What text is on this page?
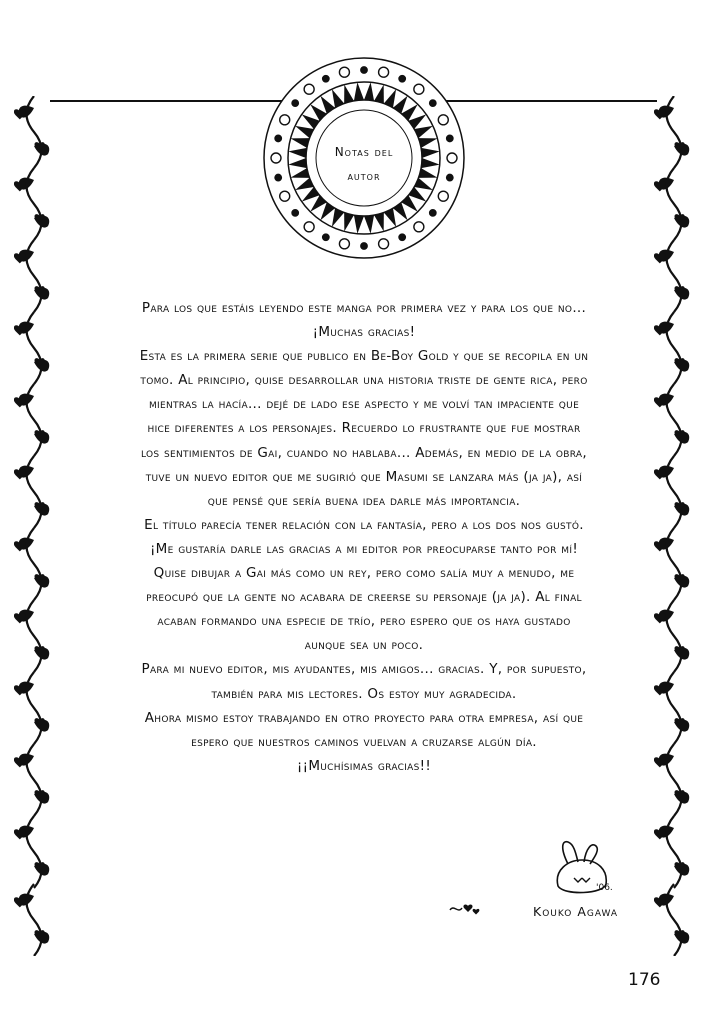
Notas del
autor

Para los que estáis leyendo este manga por primera vez y para los que no...

¡Muchas gracias!

Esta es la primera serie que publico en Be-Boy Gold y que se recopila en un

tomo. Al principio, quise desarrollar una historia triste de gente rica, pero

mientras la hacía... dejé de lado ese aspecto y me volví tan impaciente que

hice diferentes a los personajes. Recuerdo lo frustrante que fue mostrar

los sentimientos de Gai, cuando no hablaba... Además, en medio de la obra,

tuve un nuevo editor que me sugirió que Masumi se lanzara más (ja ja), así

que pensé que sería buena idea darle más importancia.

El título parecía tener relación con la fantasía, pero a los dos nos gustó.

¡Me gustaría darle las gracias a mi editor por preocuparse tanto por mí!

Quise dibujar a Gai más como un rey, pero como salía muy a menudo, me

preocupó que la gente no acabara de creerse su personaje (ja ja). Al final

acaban formando una especie de trío, pero espero que os haya gustado

aunque sea un poco.

Para mi nuevo editor, mis ayudantes, mis amigos... gracias. Y, por supuesto,

también para mis lectores. Os estoy muy agradecida.

Ahora mismo estoy trabajando en otro proyecto para otra empresa, así que

espero que nuestros caminos vuelvan a cruzarse algún día.

¡¡Muchísimas gracias!!

'06.
Kouko Agawa
176
